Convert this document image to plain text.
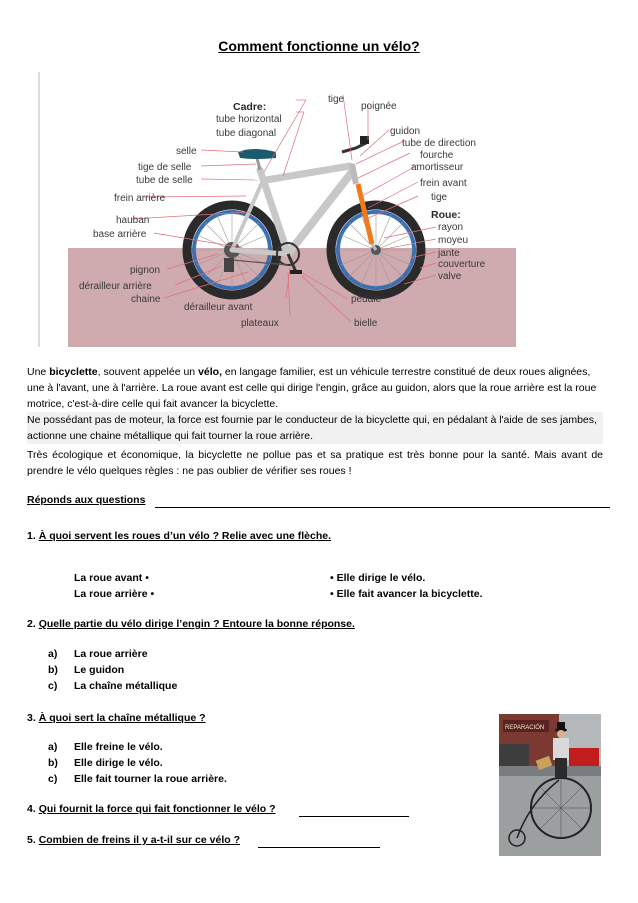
Comment fonctionne un vélo?
Cadre:
tube horizontal
tube diagonal
tige
poignée
selle
tige de selle
tube de selle
frein arrière
hauban
base arrière
pignon
dérailleur arrière
chaine
dérailleur avant
plateaux
guidon
tube de direction
fourche
amortisseur
frein avant
tige
Roue:
rayon
moyeu
jante
couverture
valve
pédale
bielle
Une bicyclette, souvent appelée un vélo, en langage familier, est un véhicule terrestre constitué de deux roues alignées, une à l'avant, une à l'arrière. La roue avant est celle qui dirige l'engin, grâce au guidon, alors que la roue arrière est la roue motrice, c'est-à-dire celle qui fait avancer la bicyclette.
Ne possédant pas de moteur, la force est fournie par le conducteur de la bicyclette qui, en pédalant à l'aide de ses jambes, actionne une chaine métallique qui fait tourner la roue arrière.
Très écologique et économique, la bicyclette ne pollue pas et sa pratique est très bonne pour la santé. Mais avant de prendre le vélo quelques règles : ne pas oublier de vérifier ses roues !
Réponds aux questions
1. À quoi servent les roues d’un vélo ? Relie avec une flèche.
La roue avant •
La roue arrière •
• Elle dirige le vélo.
• Elle fait avancer la bicyclette.
2. Quelle partie du vélo dirige l’engin ? Entoure la bonne réponse.
a) La roue arrière
b) Le guidon
c) La chaîne métallique
3. À quoi sert la chaîne métallique ?
a) Elle freine le vélo.
b) Elle dirige le vélo.
c) Elle fait tourner la roue arrière.
4. Qui fournit la force qui fait fonctionner le vélo ?
5. Combien de freins il y a-t-il sur ce vélo ?
REPARACIÓN
